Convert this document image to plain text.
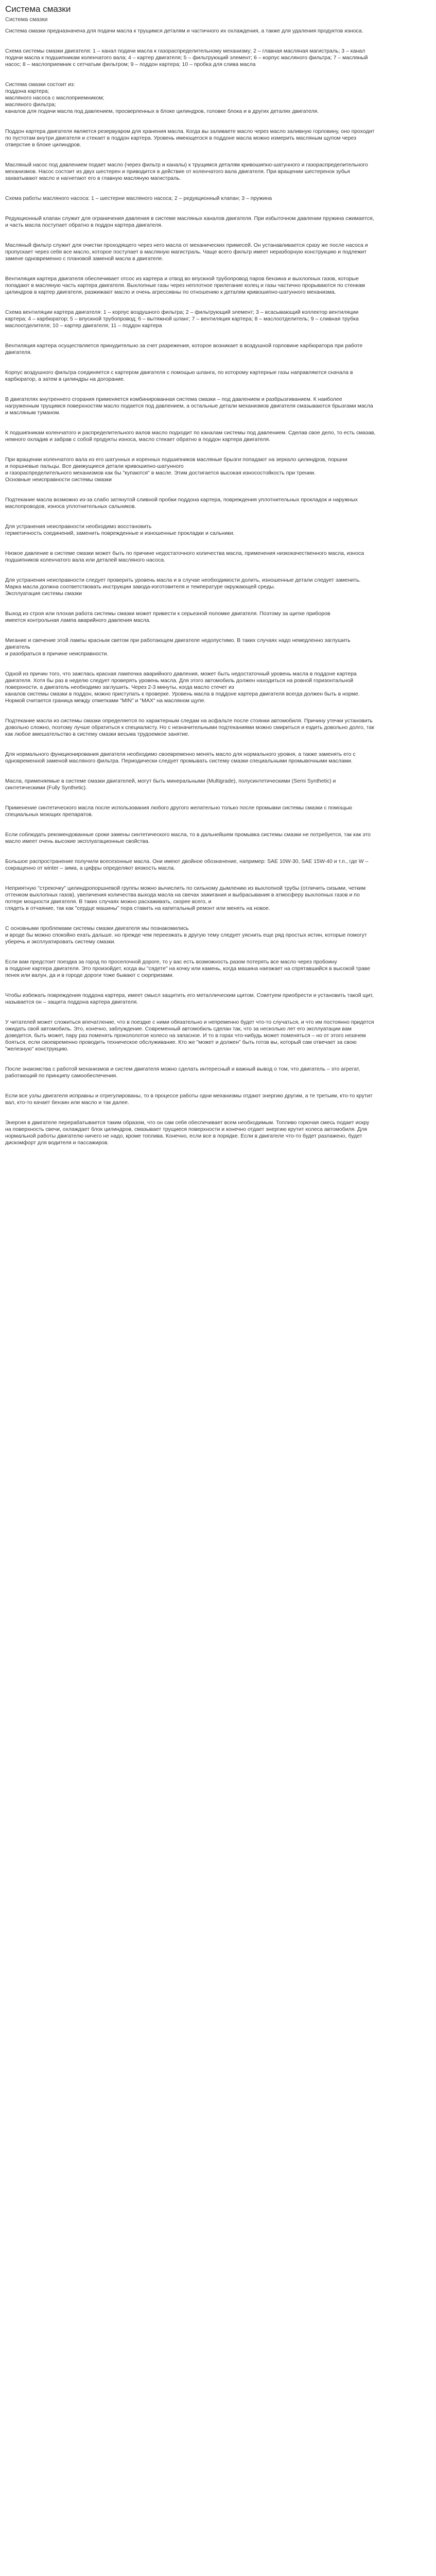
Система смазки
Система смазки

Система смазки предназначена для подачи масла к трущимся деталям и частичного их охлаждения, а также для удаления продуктов износа.

Схема системы смазки двигателя: 1 – канал подачи масла к газораспределительному механизму; 2 – главная масляная магистраль; 3 – канал подачи масла к подшипникам коленчатого вала; 4 – картер двигателя; 5 – фильтрующий элемент; 6 – корпус масляного фильтра; 7 – масляный насос; 8 – маслоприемник с сетчатым фильтром; 9 – поддон картера; 10 – пробка для слива масла

Система смазки состоит из:
поддона картера;
масляного насоса с маслоприемником;
масляного фильтра;
каналов для подачи масла под давлением, просверленных в блоке цилиндров, головке блока и в других деталях двигателя.

Поддон картера двигателя является резервуаром для хранения масла. Когда вы заливаете масло через масло заливную горловину, оно проходит по пустотам внутри двигателя и стекает в поддон картера. Уровень имеющегося в поддоне масла можно измерить масляным щупом через отверстие в блоке цилиндров.

Масляный насос под давлением подает масло (через фильтр и каналы) к трущимся деталям кривошипно-шатунного и газораспределительного механизмов. Насос состоит из двух шестерен и приводится в действие от коленчатого вала двигателя. При вращении шестеренок зубья захватывают масло и нагнетают его в главную масляную магистраль.

Схема работы масляного насоса: 1 – шестерни масляного насоса; 2 – редукционный клапан; 3 – пружина

Редукционный клапан служит для ограничения давления в системе масляных каналов двигателя. При избыточном давлении пружина сжимается, и часть масла поступает обратно в поддон картера двигателя.

Масляный фильтр служит для очистки проходящего через него масла от механических примесей. Он устанавливается сразу же после насоса и пропускает через себя все масло, которое поступает в масляную магистраль. Чаще всего фильтр имеет неразборную конструкцию и подлежит замене одновременно с плановой заменой масла в двигателе.

Вентиляция картера двигателя обеспечивает отсос из картера и отвод во впускной трубопровод паров бензина и выхлопных газов, которые попадают в масляную часть картера двигателя. Выхлопные газы через неплотное прилегание колец и газы частично прорываются по стенкам цилиндров в картер двигателя, разжижают масло и очень агрессивны по отношению к деталям кривошипно-шатунного механизма.

Схема вентиляции картера двигателя: 1 – корпус воздушного фильтра; 2 – фильтрующий элемент; 3 – всасывающий коллектор вентиляции картера; 4 – карбюратор; 5 – впускной трубопровод; 6 – вытяжной шланг; 7 – вентиляция картера; 8 – маслоотделитель; 9 – сливная трубка маслоотделителя; 10 – картер двигателя; 11 – поддон картера

Вентиляция картера осуществляется принудительно за счет разрежения, которое возникает в воздушной горловине карбюратора при работе двигателя.

Корпус воздушного фильтра соединяется с картером двигателя с помощью шланга, по которому картерные газы направляются сначала в карбюратор, а затем в цилиндры на догорание.

В двигателях внутреннего сгорания применяется комбинированная система смазки – под давлением и разбрызгиванием. К наиболее нагруженным трущимся поверхностям масло подается под давлением, а остальные детали механизмов двигателя смазываются брызгами масла и масляным туманом.

К подшипникам коленчатого и распределительного валов масло подходит по каналам системы под давлением. Сделав свое дело, то есть смазав, немного охладив и забрав с собой продукты износа, масло стекает обратно в поддон картера двигателя.

При вращении коленчатого вала из его шатунных и коренных подшипников масляные брызги попадают на зеркало цилиндров, поршни
и поршневые пальцы. Все движущиеся детали кривошипно-шатунного
и газораспределительного механизмов как бы "купаются" в масле. Этим достигается высокая износостойкость при трении.
Основные неисправности системы смазки

Подтекание масла возможно из-за слабо затянутой сливной пробки поддона картера, повреждения уплотнительных прокладок и наружных маслопроводов, износа уплотнительных сальников.

Для устранения неисправности необходимо восстановить
герметичность соединений, заменить поврежденные и изношенные прокладки и сальники.

Низкое давление в системе смазки может быть по причине недостаточного количества масла, применения низкокачественного масла, износа подшипников коленчатого вала или деталей масляного насоса.

Для устранения неисправности следует проверить уровень масла и в случае необходимости долить, изношенные детали следует заменить. Марка масла должна соответствовать инструкции завода-изготовителя и температуре окружающей среды.
Эксплуатация системы смазки

Выход из строя или плохая работа системы смазки может привести к серьезной поломке двигателя. Поэтому за щитке приборов
имеется контрольная лампа аварийного давления масла.

Мигание и свечение этой лампы красным светом при работающем двигателе недопустимо. В таких случаях надо немедленно заглушить двигатель
и разобраться в причине неисправности.

Одной из причин того, что зажглась красная лампочка аварийного давления, может быть недостаточный уровень масла в поддоне картера двигателя. Хотя бы раз в неделю следует проверять уровень масла. Для этого автомобиль должен находиться на ровной горизонтальной поверхности, а двигатель необходимо заглушить. Через 2-3 минуты, когда масло стечет из
каналов системы смазки в поддон, можно приступать к проверке. Уровень масла в поддоне картера двигателя всегда должен быть в норме. Нормой считается граница между отметками "MIN" и "MAX" на масляном щупе.

Подтекание масла из системы смазки определяется по характерным следам на асфальте после стоянки автомобиля. Причину утечки установить довольно сложно, поэтому лучше обратиться к специалисту. Но с незначительными подтеканиями можно смириться и ездить довольно долго, так как любое вмешательство в систему смазки весьма трудоемкое занятие.

Для нормального функционирования двигателя необходимо своевременно менять масло для нормального уровня, а также заменять его с одновременной заменой масляного фильтра. Периодически следует промывать систему смазки специальными промывочными маслами.

Масла, применяемые в системе смазки двигателей, могут быть минеральными (Multigrade), полусинтетическими (Semi Synthetic) и синтетическими (Fully Synthetic).

Применение синтетического масла после использования любого другого желательно только после промывки системы смазки с помощью специальных моющих препаратов.

Если соблюдать рекомендованные сроки замены синтетического масла, то в дальнейшем промывка системы смазки не потребуется, так как это масло имеет очень высокие эксплуатационные свойства.

Большое распространение получили всесезонные масла. Они имеют двойное обозначение, например: SAE 10W-30, SAE 15W-40 и т.п., где W – сокращенно от winter – зима, а цифры определяют вязкость масла.

Неприятную "стрекочку" цилиндропоршневой группы можно вычислить по сильному дымлению из выхлопной трубы (отличить сизыми, четким оттенком выхлопных газов), увеличения количества выхода масла на свечах зажигания и выбрасывания в атмосферу выхлопных газов и по потере мощности двигателя. В таких случаях можно расхаживать, скорее всего, и
глядеть в отчаяние, так как "сердце машины" пора ставить на капитальный ремонт или менять на новое.

С основными проблемами системы смазки двигателя мы познакомились
и вроде бы можно спокойно ехать дальше. но прежде чем переезжать в другую тему следует уяснить еще ряд простых истин, которые помогут уберечь и эксплуатировать систему смазки.

Если вам предстоит поездка за город по проселочной дороге, то у вас есть возможность разом потерять все масло через пробоину
в поддоне картера двигателя. Это произойдет, когда вы "сядете" на кочку или камень, когда машина наезжает на спрятавшийся в высокой траве пенек или валун, да и в городе дороги тоже бывают с сюрпризами.

Чтобы избежать повреждения поддона картера, имеет смысл защитить его металлическим щитом. Советуем приобрести и установить такой щит, называется он – защита поддона картера двигателя.

У читателей может сложиться впечатление, что в поездке с ними обязательно и непременно будет что-то случаться, и что им постоянно придется ожидать свой автомобиль. Это, конечно, заблуждение. Современный автомобиль сделан так, что за несколько лет его эксплуатации вам доведется, быть может, пару раз поменять прокололотое колесо на запасное. И то в горах что-нибудь может поменяться – но от этого незачем бояться, если своевременно проводить техническое обслуживание. Кто же "может и должен" быть готов вы, который сам отвечает за свою "железную" конструкцию.

После знакомства с работой механизмов и систем двигателя можно сделать интересный и важный вывод о том, что двигатель – это агрегат, работающий по принципу самообеспечения.

Если все узлы двигателя исправны и отрегулированы, то в процессе работы одни механизмы отдают энергию другим, а те третьим, кто-то крутит вал, кто-то качает бензин или масло и так далее.

Энергия в двигателе перерабатывается таким образом, что он сам себя обеспечивает всем необходимым. Топливо горючая смесь подает искру на поверхность свечи, охлаждает блок цилиндров, смазывает трущиеся поверхности и конечно отдает энергию крутит колеса автомобиля. Для нормальной работы двигателю ничего не надо, кроме топлива. Конечно, если все в порядке. Если в двигателе что-то будет разлажено, будет дискомфорт для водителя и пассажиров.
